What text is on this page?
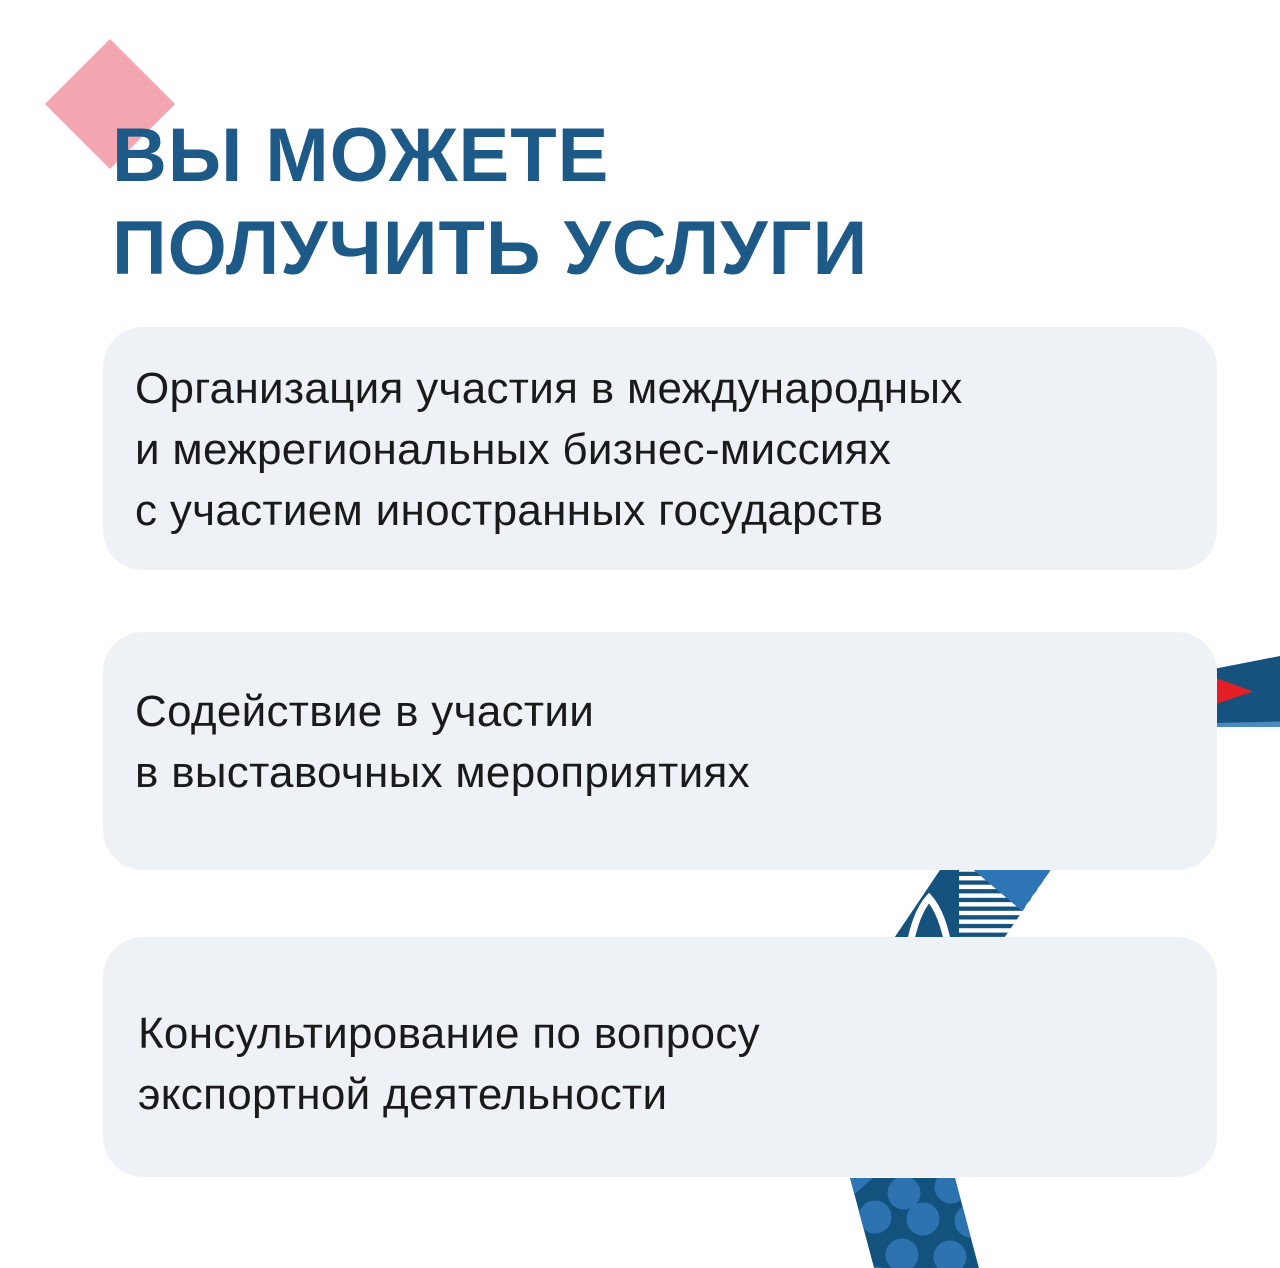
ВЫ МОЖЕТЕ
ПОЛУЧИТЬ УСЛУГИ
Организация участия в международных
и межрегиональных бизнес-миссиях
с участием иностранных государств
Содействие в участии
в выставочных мероприятиях
Консультирование по вопросу
экспортной деятельности
